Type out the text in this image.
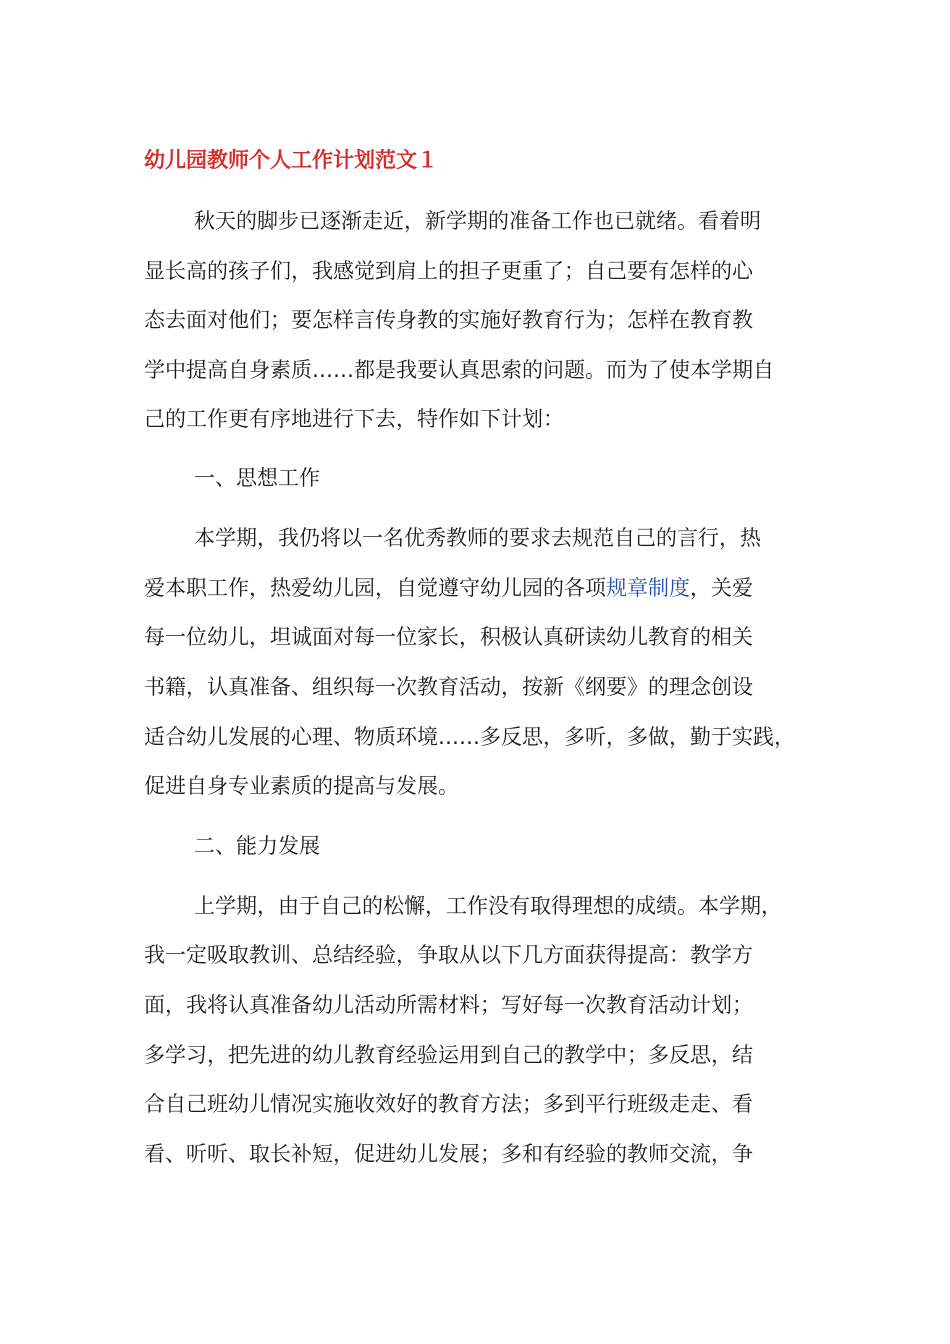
幼儿园教师个人工作计划范文１
秋天的脚步已逐渐走近，新学期的准备工作也已就绪。看着明
显长高的孩子们，我感觉到肩上的担子更重了；自己要有怎样的心
态去面对他们；要怎样言传身教的实施好教育行为；怎样在教育教
学中提高自身素质……都是我要认真思索的问题。而为了使本学期自
己的工作更有序地进行下去，特作如下计划：
一、思想工作
本学期，我仍将以一名优秀教师的要求去规范自己的言行，热
爱本职工作，热爱幼儿园，自觉遵守幼儿园的各项规章制度，关爱
每一位幼儿，坦诚面对每一位家长，积极认真研读幼儿教育的相关
书籍，认真准备、组织每一次教育活动，按新《纲要》的理念创设
适合幼儿发展的心理、物质环境……多反思，多听，多做，勤于实践，
促进自身专业素质的提高与发展。
二、能力发展
上学期，由于自己的松懈，工作没有取得理想的成绩。本学期，
我一定吸取教训、总结经验，争取从以下几方面获得提高：教学方
面，我将认真准备幼儿活动所需材料；写好每一次教育活动计划；
多学习，把先进的幼儿教育经验运用到自己的教学中；多反思，结
合自己班幼儿情况实施收效好的教育方法；多到平行班级走走、看
看、听听、取长补短，促进幼儿发展；多和有经验的教师交流，争
